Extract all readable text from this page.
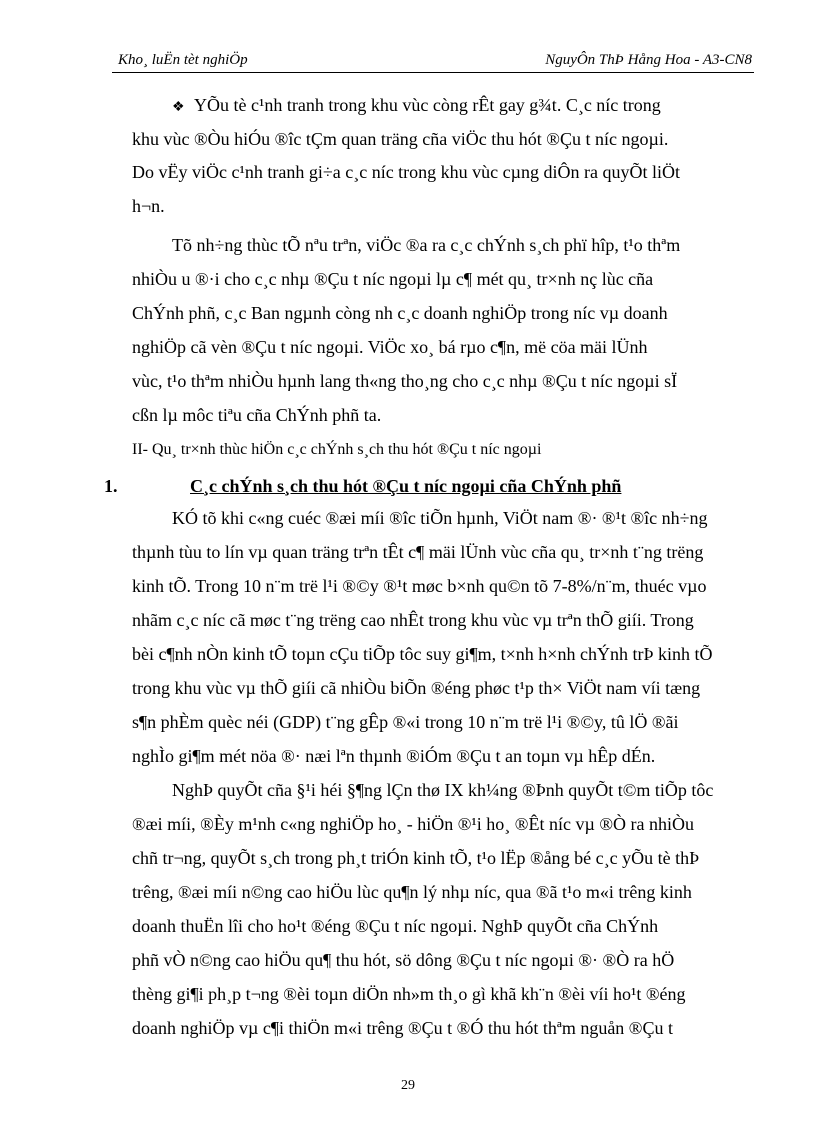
Kho¸ luËn tèt nghiÖp	NguyÔn ThÞ Hång Hoa - A3-CN8
❖ YÕu tè c¹nh tranh trong khu vùc còng rÊt gay g¾t. C¸c níc trong
khu vùc ®Òu hiÓu ®îc tÇm quan träng cña viÖc thu hót ®Çu t níc ngoµi.
Do vËy viÖc c¹nh tranh gi÷a c¸c níc trong khu vùc cµng diÔn ra quyÕt liÖt
h¬n.
Tõ nh÷ng thùc tÕ nªu trªn, viÖc ®a ra c¸c chÝnh s¸ch phï hîp, t¹o thªm
nhiÒu u ®·i cho c¸c nhµ ®Çu t níc ngoµi lµ c¶ mét qu¸ tr×nh nç lùc cña
ChÝnh phñ, c¸c Ban ngµnh còng nh c¸c doanh nghiÖp trong níc vµ doanh
nghiÖp cã vèn ®Çu t níc ngoµi. ViÖc xo¸ bá rµo c¶n, më cöa mäi lÜnh
vùc, t¹o thªm nhiÒu hµnh lang th«ng tho¸ng cho c¸c nhµ ®Çu t níc ngoµi sÏ
cßn lµ môc tiªu cña ChÝnh phñ ta.
II- Qu¸ tr×nh thùc hiÖn c¸c chÝnh s¸ch thu hót ®Çu t níc ngoµi
1.	C¸c chÝnh s¸ch thu hót ®Çu t níc ngoµi cña ChÝnh phñ
KÓ tõ khi c«ng cuéc ®æi míi ®îc tiÕn hµnh, ViÖt nam ®· ®¹t ®îc nh÷ng
thµnh tùu to lín vµ quan träng trªn tÊt c¶ mäi lÜnh vùc cña qu¸ tr×nh t¨ng trëng
kinh tÕ. Trong 10 n¨m trë l¹i ®©y ®¹t møc b×nh qu©n tõ 7-8%/n¨m, thuéc vµo
nhãm c¸c níc cã møc t¨ng trëng cao nhÊt trong khu vùc vµ trªn thÕ giíi. Trong
bèi c¶nh nÒn kinh tÕ toµn cÇu tiÕp tôc suy gi¶m, t×nh h×nh chÝnh trÞ kinh tÕ
trong khu vùc vµ thÕ giíi cã nhiÒu biÕn ®éng phøc t¹p th× ViÖt nam víi tæng
s¶n phÈm quèc néi (GDP) t¨ng gÊp ®«i trong 10 n¨m trë l¹i ®©y, tû lÖ ®ãi
nghÌo gi¶m mét nöa ®· næi lªn thµnh ®iÓm ®Çu t an toµn vµ hÊp dÉn.
NghÞ quyÕt cña §¹i héi §¶ng lÇn thø IX kh¼ng ®Þnh quyÕt t©m tiÕp tôc
®æi míi, ®Èy m¹nh c«ng nghiÖp ho¸ - hiÖn ®¹i ho¸ ®Êt níc vµ ®Ò ra nhiÒu
chñ tr¬ng, quyÕt s¸ch trong ph¸t triÓn kinh tÕ, t¹o lËp ®ång bé c¸c yÕu tè thÞ
trêng, ®æi míi n©ng cao hiÖu lùc qu¶n lý nhµ níc, qua ®ã t¹o m«i trêng kinh
doanh thuËn lîi cho ho¹t ®éng ®Çu t níc ngoµi. NghÞ quyÕt cña ChÝnh
phñ vÒ n©ng cao hiÖu qu¶ thu hót, sö dông ®Çu t níc ngoµi ®· ®Ò ra hÖ
thèng gi¶i ph¸p t¬ng ®èi toµn diÖn nh»m th¸o gì khã kh¨n ®èi víi ho¹t ®éng
doanh nghiÖp vµ c¶i thiÖn m«i trêng ®Çu t ®Ó thu hót thªm nguån ®Çu t
29
